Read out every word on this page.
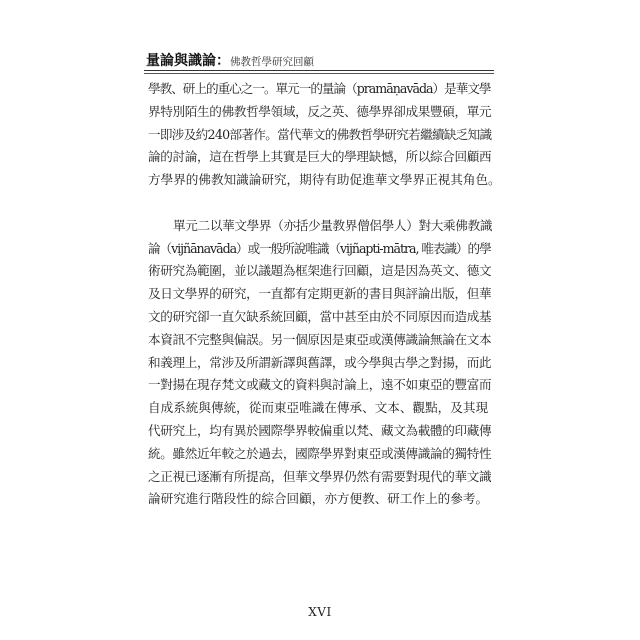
量論與識論：佛教哲學研究回顧
學教、研上的重心之一。單元一的量論（pramāṇavāda）是華文學
界特別陌生的佛教哲學領域，反之英、德學界卻成果豐碩，單元
一即涉及約240部著作。當代華文的佛教哲學研究若繼續缺乏知識
論的討論，這在哲學上其實是巨大的學理缺憾，所以綜合回顧西
方學界的佛教知識論研究，期待有助促進華文學界正視其角色。
單元二以華文學界（亦括少量教界僧侶學人）對大乘佛教識
論（vijñānavāda）或一般所說唯識（vijñapti-mātra, 唯表識）的學
術研究為範圍，並以議題為框架進行回顧，這是因為英文、德文
及日文學界的研究，一直都有定期更新的書目與評論出版，但華
文的研究卻一直欠缺系統回顧，當中甚至由於不同原因而造成基
本資訊不完整與偏誤。另一個原因是東亞或漢傳識論無論在文本
和義理上，常涉及所謂新譯與舊譯，或今學與古學之對揚，而此
一對揚在現存梵文或藏文的資料與討論上，遠不如東亞的豐富而
自成系統與傳統，從而東亞唯識在傳承、文本、觀點，及其現
代研究上，均有異於國際學界較偏重以梵、藏文為載體的印藏傳
統。雖然近年較之於過去，國際學界對東亞或漢傳識論的獨特性
之正視已逐漸有所提高，但華文學界仍然有需要對現代的華文識
論研究進行階段性的綜合回顧，亦方便教、研工作上的參考。
XVI
